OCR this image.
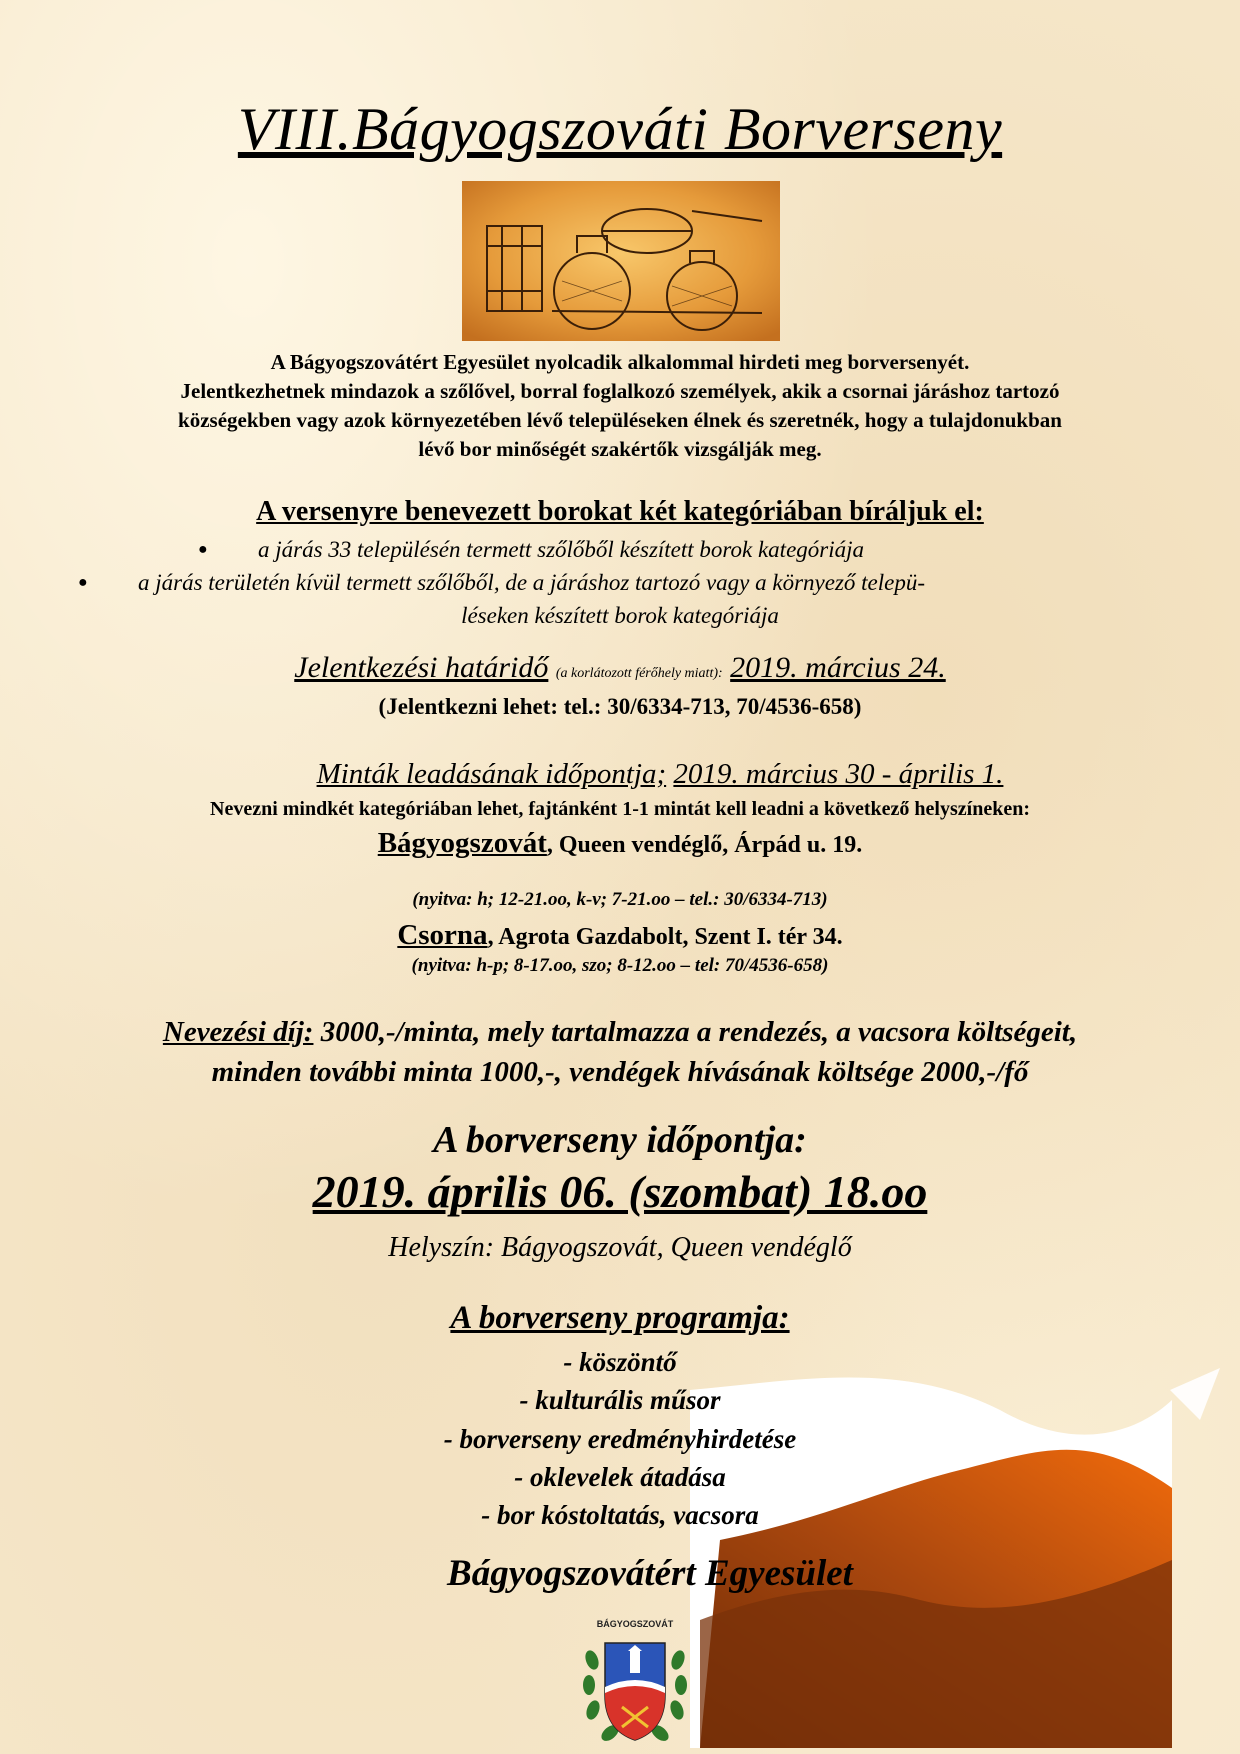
VIII.Bágyogszováti Borverseny
A Bágyogszovátért Egyesület nyolcadik alkalommal hirdeti meg borversenyét.
Jelentkezhetnek mindazok a szőlővel, borral foglalkozó személyek, akik a csornai járáshoz tartozó
községekben vagy azok környezetében lévő településeken élnek és szeretnék, hogy a tulajdonukban
lévő bor minőségét szakértők vizsgálják meg.
A versenyre benevezett borokat két kategóriában bíráljuk el:
● a járás 33 településén termett szőlőből készített borok kategóriája
● a járás területén kívül termett szőlőből, de a járáshoz tartozó vagy a környező telepü-
léseken készített borok kategóriája
Jelentkezési határidő (a korlátozott férőhely miatt): 2019. március 24.
(Jelentkezni lehet: tel.: 30/6334-713, 70/4536-658)
Minták leadásának időpontja; 2019. március 30 - április 1.
Nevezni mindkét kategóriában lehet, fajtánként 1-1 mintát kell leadni a következő helyszíneken:
Bágyogszovát, Queen vendéglő, Árpád u. 19.
(nyitva: h; 12-21.oo, k-v; 7-21.oo – tel.: 30/6334-713)
Csorna, Agrota Gazdabolt, Szent I. tér 34.
(nyitva: h-p; 8-17.oo, szo; 8-12.oo – tel: 70/4536-658)
Nevezési díj: 3000,-/minta, mely tartalmazza a rendezés, a vacsora költségeit,
minden további minta 1000,-, vendégek hívásának költsége 2000,-/fő
A borverseny időpontja:
2019. április 06. (szombat) 18.oo
Helyszín: Bágyogszovát, Queen vendéglő
A borverseny programja:
- köszöntő
- kulturális műsor
- borverseny eredményhirdetése
- oklevelek átadása
- bor kóstoltatás, vacsora
Bágyogszovátért Egyesület
BÁGYOGSZOVÁT
